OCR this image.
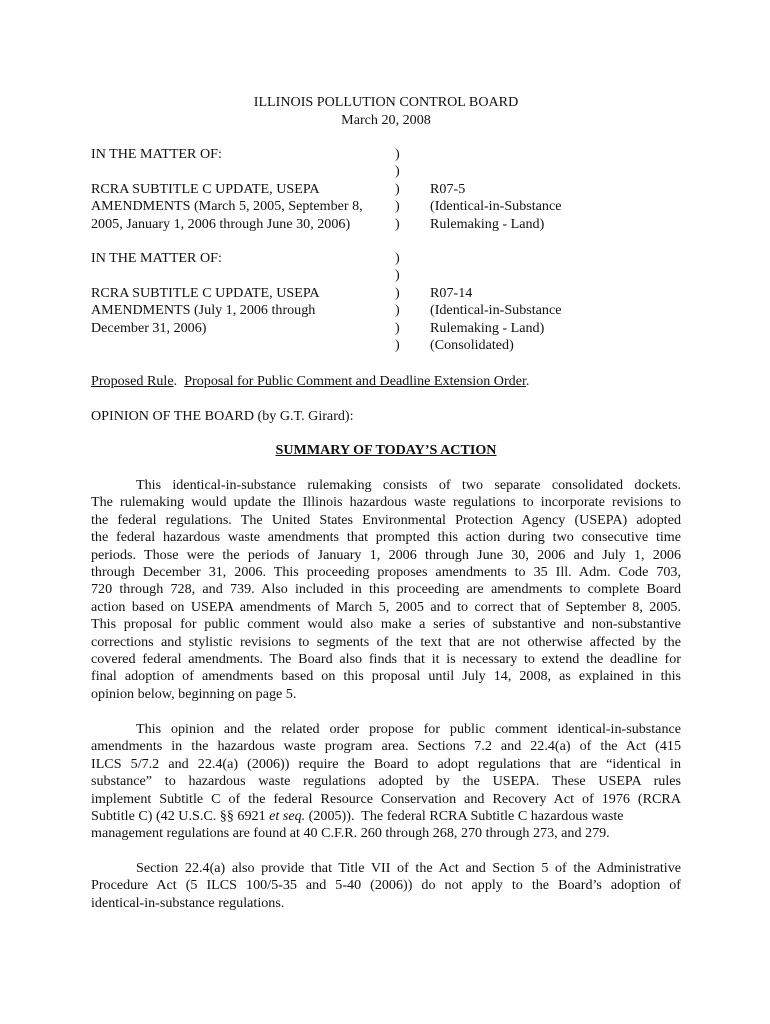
ILLINOIS POLLUTION CONTROL BOARD
March 20, 2008
IN THE MATTER OF:	)
)
RCRA SUBTITLE C UPDATE, USEPA	) R07-5
AMENDMENTS (March 5, 2005, September 8, ) (Identical-in-Substance
2005, January 1, 2006 through June 30, 2006)	) Rulemaking - Land)
IN THE MATTER OF:	)
)
RCRA SUBTITLE C UPDATE, USEPA	) R07-14
AMENDMENTS (July 1, 2006 through	) (Identical-in-Substance
December 31, 2006)	) Rulemaking - Land)
) (Consolidated)
Proposed Rule.  Proposal for Public Comment and Deadline Extension Order.
OPINION OF THE BOARD (by G.T. Girard):
SUMMARY OF TODAY’S ACTION
This identical-in-substance rulemaking consists of two separate consolidated dockets.
The rulemaking would update the Illinois hazardous waste regulations to incorporate revisions to
the federal regulations. The United States Environmental Protection Agency (USEPA) adopted
the federal hazardous waste amendments that prompted this action during two consecutive time
periods. Those were the periods of January 1, 2006 through June 30, 2006 and July 1, 2006
through December 31, 2006. This proceeding proposes amendments to 35 Ill. Adm. Code 703,
720 through 728, and 739. Also included in this proceeding are amendments to complete Board
action based on USEPA amendments of March 5, 2005 and to correct that of September 8, 2005.
This proposal for public comment would also make a series of substantive and non-substantive
corrections and stylistic revisions to segments of the text that are not otherwise affected by the
covered federal amendments. The Board also finds that it is necessary to extend the deadline for
final adoption of amendments based on this proposal until July 14, 2008, as explained in this
opinion below, beginning on page 5.
This opinion and the related order propose for public comment identical-in-substance
amendments in the hazardous waste program area. Sections 7.2 and 22.4(a) of the Act (415
ILCS 5/7.2 and 22.4(a) (2006)) require the Board to adopt regulations that are “identical in
substance” to hazardous waste regulations adopted by the USEPA. These USEPA rules
implement Subtitle C of the federal Resource Conservation and Recovery Act of 1976 (RCRA
Subtitle C) (42 U.S.C. §§ 6921 et seq. (2005)).  The federal RCRA Subtitle C hazardous waste
management regulations are found at 40 C.F.R. 260 through 268, 270 through 273, and 279.
Section 22.4(a) also provide that Title VII of the Act and Section 5 of the Administrative
Procedure Act (5 ILCS 100/5-35 and 5-40 (2006)) do not apply to the Board’s adoption of
identical-in-substance regulations.
